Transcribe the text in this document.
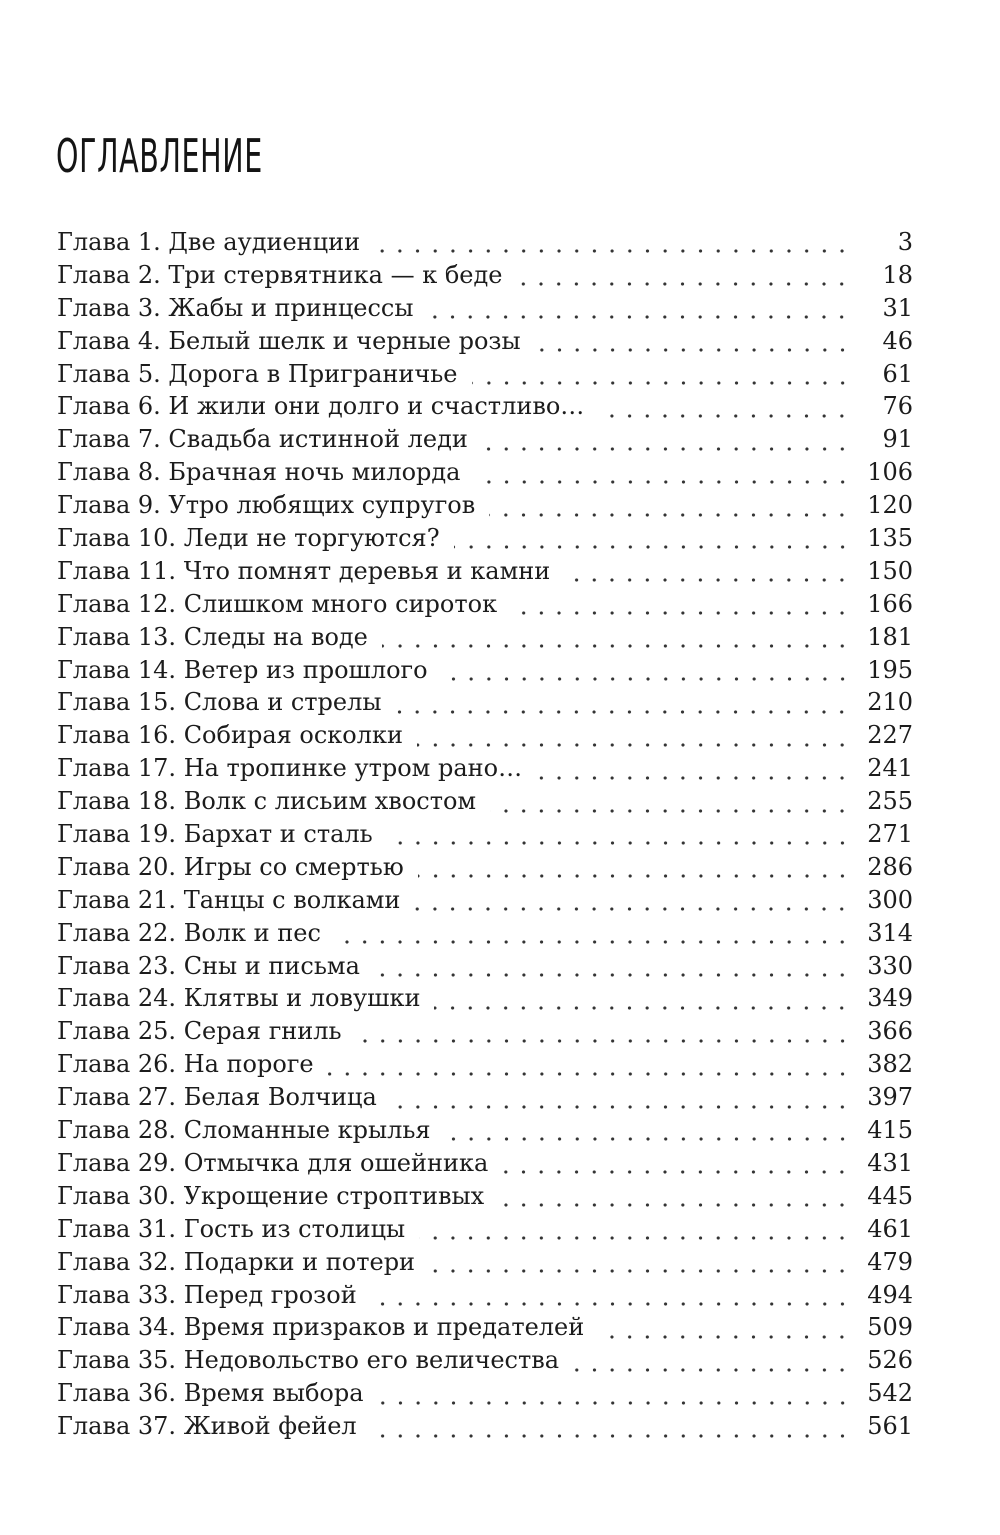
ОГЛАВЛЕНИЕ
Глава 1. Две аудиенции	3
Глава 2. Три стервятника — к беде	18
Глава 3. Жабы и принцессы	31
Глава 4. Белый шелк и черные розы	46
Глава 5. Дорога в Приграничье	61
Глава 6. И жили они долго и счастливо…	76
Глава 7. Свадьба истинной леди	91
Глава 8. Брачная ночь милорда	106
Глава 9. Утро любящих супругов	120
Глава 10. Леди не торгуются?	135
Глава 11. Что помнят деревья и камни	150
Глава 12. Слишком много сироток	166
Глава 13. Следы на воде	181
Глава 14. Ветер из прошлого	195
Глава 15. Слова и стрелы	210
Глава 16. Собирая осколки	227
Глава 17. На тропинке утром рано…	241
Глава 18. Волк с лисьим хвостом	255
Глава 19. Бархат и сталь	271
Глава 20. Игры со смертью	286
Глава 21. Танцы с волками	300
Глава 22. Волк и пес	314
Глава 23. Сны и письма	330
Глава 24. Клятвы и ловушки	349
Глава 25. Серая гниль	366
Глава 26. На пороге	382
Глава 27. Белая Волчица	397
Глава 28. Сломанные крылья	415
Глава 29. Отмычка для ошейника	431
Глава 30. Укрощение строптивых	445
Глава 31. Гость из столицы	461
Глава 32. Подарки и потери	479
Глава 33. Перед грозой	494
Глава 34. Время призраков и предателей	509
Глава 35. Недовольство его величества	526
Глава 36. Время выбора	542
Глава 37. Живой фейел	561
